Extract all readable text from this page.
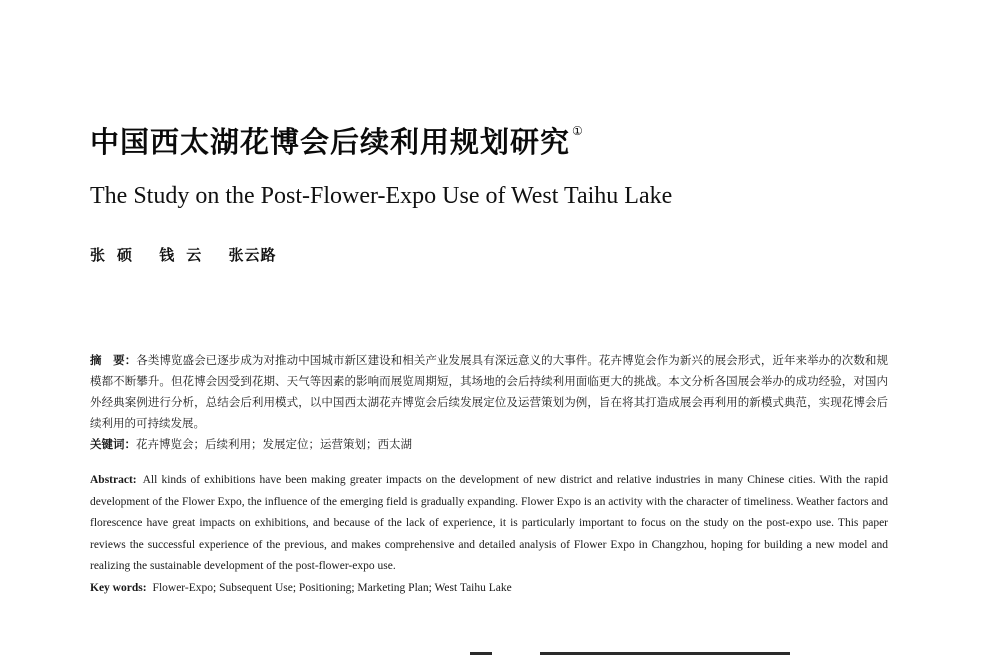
中国西太湖花博会后续利用规划研究 ①
The Study on the Post-Flower-Expo Use of West Taihu Lake
张硕 钱云 张云路

摘　要：各类博览盛会已逐步成为对推动中国城市新区建设和相关产业发展具有深远意义的大事件。花卉博览会作为新兴的展会形式，近年来举办的次数和规模都不断攀升。但花博会因受到花期、天气等因素的影响而展览周期短，其场地的会后持续利用面临更大的挑战。本文分析各国展会举办的成功经验，对国内外经典案例进行分析，总结会后利用模式，以中国西太湖花卉博览会后续发展定位及运营策划为例，旨在将其打造成展会再利用的新模式典范，实现花博会后续利用的可持续发展。

关键词：花卉博览会；后续利用；发展定位；运营策划；西太湖

Abstract: All kinds of exhibitions have been making greater impacts on the development of new district and relative industries in many Chinese cities. With the rapid development of the Flower Expo, the influence of the emerging field is gradually expanding. Flower Expo is an activity with the character of timeliness. Weather factors and florescence have great impacts on exhibitions, and because of the lack of experience, it is particularly important to focus on the study on the post-expo use. This paper reviews the successful experience of the previous, and makes comprehensive and detailed analysis of Flower Expo in Changzhou, hoping for building a new model and realizing the sustainable development of the post-flower-expo use.

Key words: Flower-Expo; Subsequent Use; Positioning; Marketing Plan; West Taihu Lake
